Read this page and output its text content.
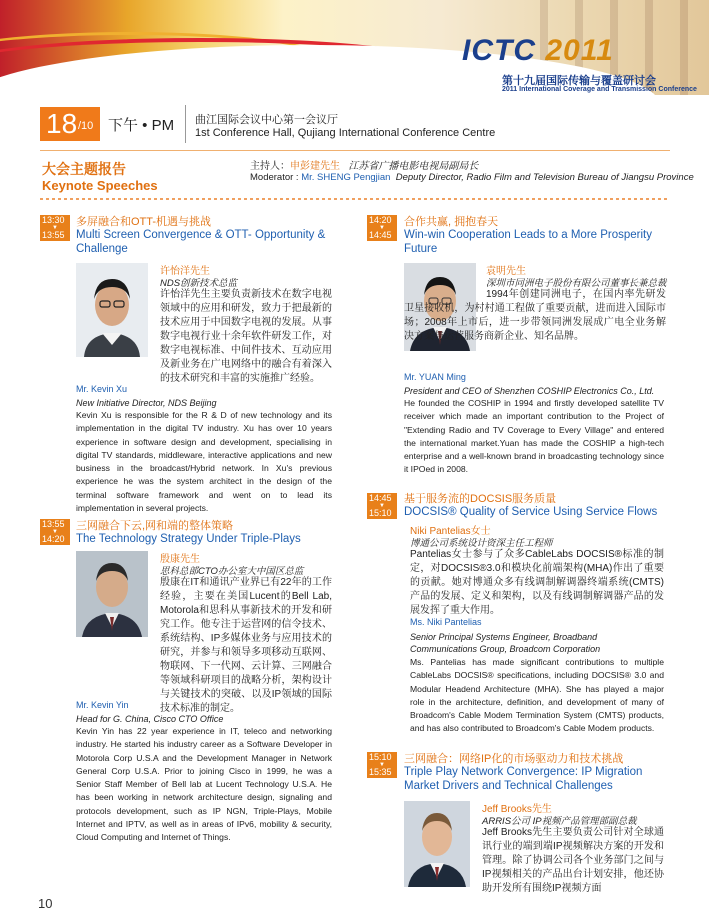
ICTC 2011
第十九届国际传输与覆盖研讨会
2011 International Coverage and Transmission Conference
18 /10 下午 • PM 曲江国际会议中心第一会议厅
1st Conference Hall, Qujiang International Conference Centre
大会主题报告
Keynote Speeches
主持人：申彭建先生 江苏省广播电影电视局副局长
Moderator : Mr. SHENG Pengjian Deputy Director, Radio Film and Television Bureau of Jiangsu Province
13:30
▼
13:55
多屏融合和OTT-机遇与挑战
Multi Screen Convergence & OTT- Opportunity & Challenge
许怡洋先生
NDS创新技术总监
许怡洋先生主要负责新技术在数字电视领域中的应用和研发，致力于把最新的技术应用于中国数字电视的发展。从事数字电视行业十余年软件研发工作，对数字电视标准、中间件技术、互动应用及新业务在广电网络中的融合有着深入的技术研究和丰富的实施推广经验。
Mr. Kevin Xu
New Initiative Director, NDS Beijing
Kevin Xu is responsible for the R & D of new technology and its implementation in the digital TV industry. Xu has over 10 years experience in software design and development, specialising in digital TV standards, middleware, interactive applications and new business in the broadcast/Hybrid network. In Xu's previous experience he was the system architect in the design of the terminal software framework and went on to lead its implementation in several projects.
13:55
▼
14:20
三网融合下云,网和端的整体策略
The Technology Strategy Under Triple-Plays
殷康先生
思科总部CTO办公室大中国区总监
殷康在IT和通讯产业界已有22年的工作经验，主要在美国Lucent的Bell Lab, Motorola和思科从事新技术的开发和研究工作。他专注于运营网的信令技术、系统结构、IP多媒体业务与应用技术的研究，并参与和领导多项移动互联网、物联网、下一代网、云计算、三网融合等领域科研项目的战略分析，架构设计与关键技术的突破、以及IP领域的国际技术标准的制定。
Mr. Kevin Yin
Head for G. China, Cisco CTO Office
Kevin Yin has 22 year experience in IT, teleco and networking industry. He started his industry career as a Software Developer in Motorola Corp U.S.A and the Development Manager in Network General Corp U.S.A. Prior to joining Cisco in 1999, he was a Senior Staff Member of Bell lab at Lucent Technology U.S.A. He has been working in network architecture design, signaling and protocols development, such as IP NGN, Triple-Plays, Mobile Internet and IPTV, as well as in areas of IPv6, mobility & security, Cloud Computing and Internet of Things.
14:20
▼
14:45
合作共赢, 拥抱春天
Win-win Cooperation Leads to a More Prosperity Future
袁明先生
深圳市同洲电子股份有限公司董事长兼总裁
1994年创建同洲电子，在国内率先研发卫星接收机，为村村通工程做了重要贡献，进而进入国际市场；2008年上市后，进一步带领同洲发展成广电全业务解决方案与运营服务商新企业、知名品牌。
Mr. YUAN Ming
President and CEO of Shenzhen COSHIP Electronics Co., Ltd.
He founded the COSHIP in 1994 and firstly developed satellite TV receiver which made an important contribution to the Project of "Extending Radio and TV Coverage to Every Village" and entered the international market.Yuan has made the COSHIP a high-tech enterprise and a well-known brand in broadcasting technology since it IPOed in 2008.
14:45
▼
15:10
基于服务流的DOCSIS服务质量
DOCSIS® Quality of Service Using Service Flows
Niki Pantelias女士
博通公司系统设计资深主任工程师
Pantelias女士参与了众多CableLabs DOCSIS®标准的制定，对DOCSIS®3.0和模块化前端架构(MHA)作出了重要的贡献。她对博通众多有线调制解调器终端系统(CMTS)产品的发展、定义和架构，以及有线调制解调器产品的发展发挥了重大作用。
Ms. Niki Pantelias
Senior Principal Systems Engineer, Broadband Communications Group, Broadcom Corporation
Ms. Pantelias has made significant contributions to multiple CableLabs DOCSIS® specifications, including DOCSIS® 3.0 and Modular Headend Architecture (MHA). She has played a major role in the architecture, definition, and development of many of Broadcom's Cable Modem Termination System (CMTS) products, and has also contributed to Broadcom's Cable Modem products.
15:10
▼
15:35
三网融合：网络IP化的市场驱动力和技术挑战
Triple Play Network Convergence: IP Migration Market Drivers and Technical Challenges
Jeff Brooks先生
ARRIS公司 IP视频产品管理部副总裁
Jeff Brooks先生主要负责公司针对全球通讯行业的端到端IP视频解决方案的开发和管理。除了协调公司各个业务部门之间与IP视频相关的产品出台计划安排，他还协助开发所有围绕IP视频方面
10
